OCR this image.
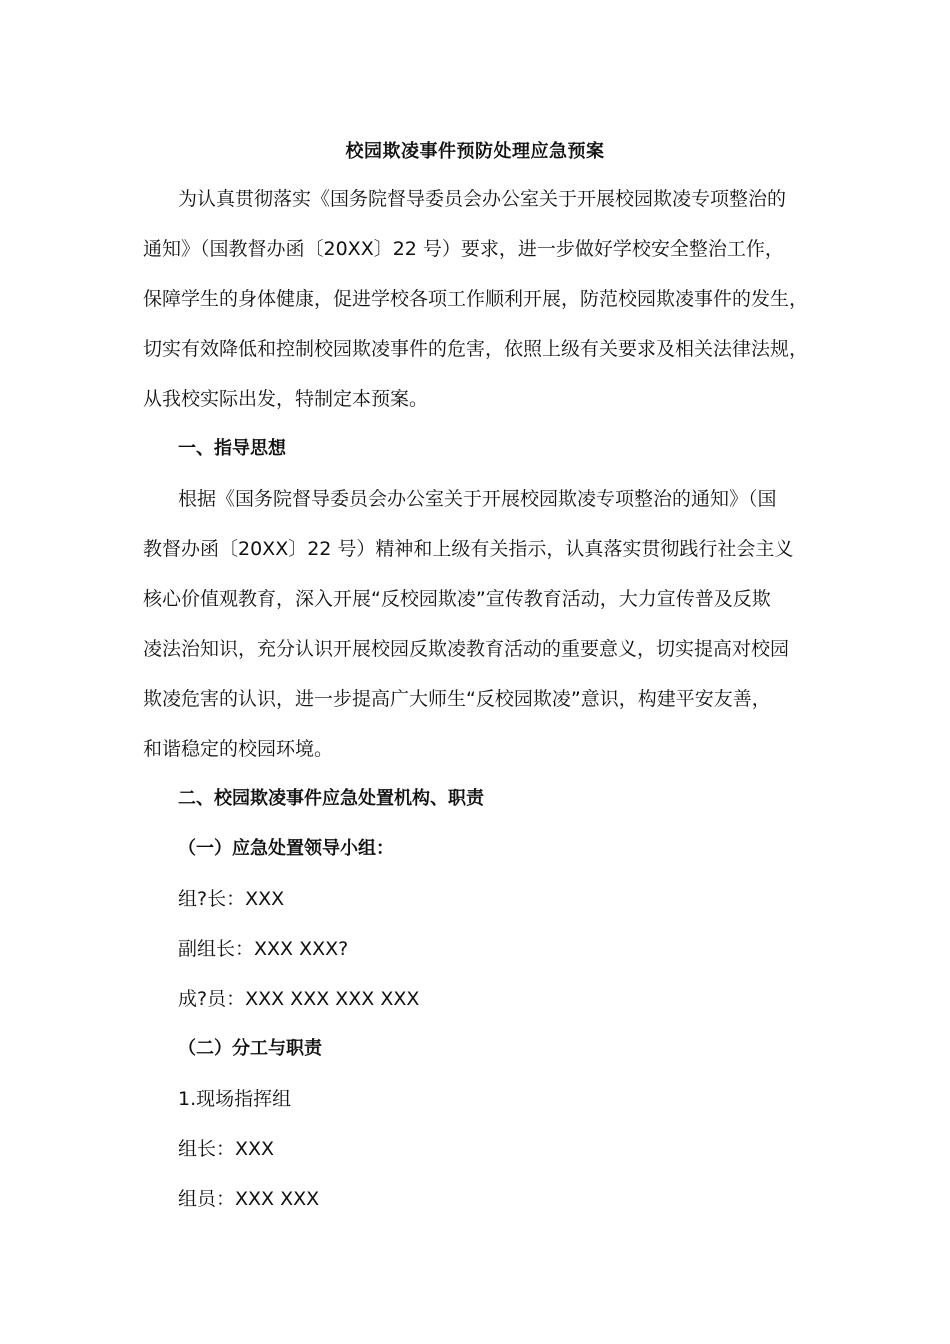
校园欺凌事件预防处理应急预案
为认真贯彻落实《国务院督导委员会办公室关于开展校园欺凌专项整治的
通知》（国教督办函〔20XX〕22 号）要求，进一步做好学校安全整治工作，
保障学生的身体健康，促进学校各项工作顺利开展，防范校园欺凌事件的发生，
切实有效降低和控制校园欺凌事件的危害，依照上级有关要求及相关法律法规，
从我校实际出发，特制定本预案。
一、指导思想
根据《国务院督导委员会办公室关于开展校园欺凌专项整治的通知》（国
教督办函〔20XX〕22 号）精神和上级有关指示，认真落实贯彻践行社会主义
核心价值观教育，深入开展“反校园欺凌”宣传教育活动，大力宣传普及反欺
凌法治知识，充分认识开展校园反欺凌教育活动的重要意义，切实提高对校园
欺凌危害的认识，进一步提高广大师生“反校园欺凌”意识，构建平安友善，
和谐稳定的校园环境。
二、校园欺凌事件应急处置机构、职责
（一）应急处置领导小组：
组?长：XXX
副组长：XXX XXX?
成?员：XXX XXX XXX XXX
（二）分工与职责
1.现场指挥组
组长：XXX
组员：XXX XXX
